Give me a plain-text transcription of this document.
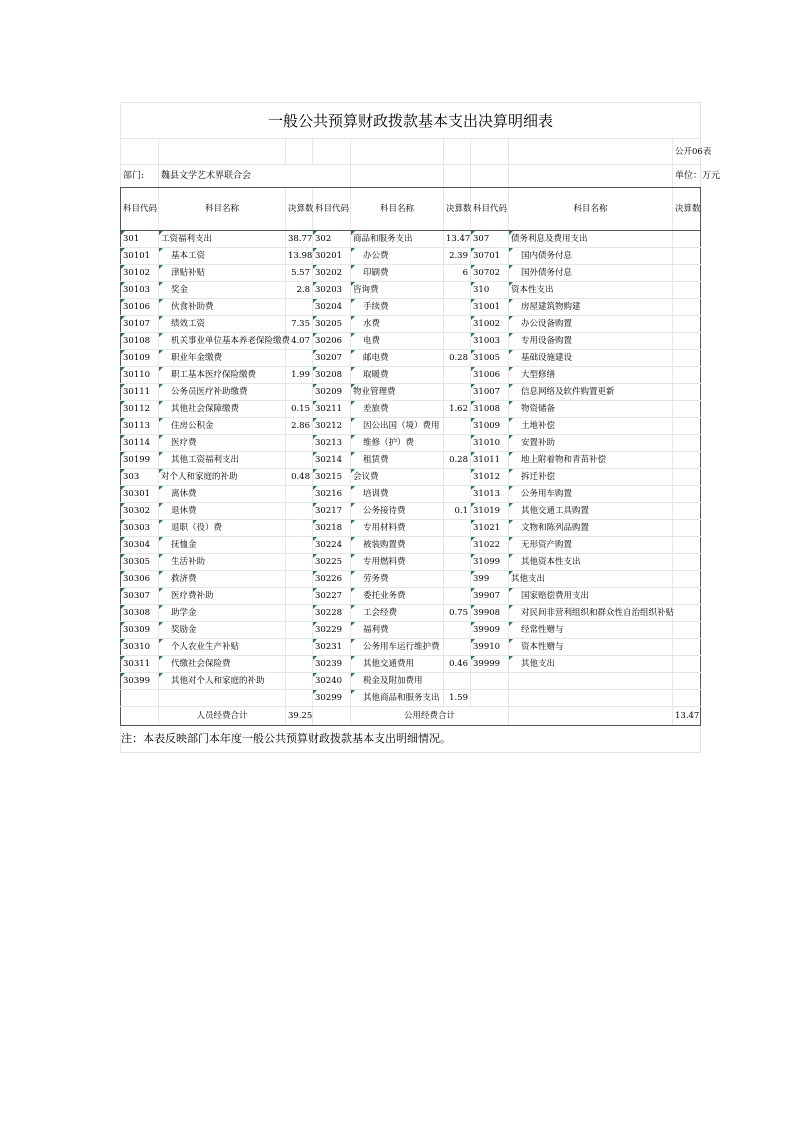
一般公共预算财政拨款基本支出决算明细表								
								公开06表
部门:	魏县文学艺术界联合会							单位：万元
科目代码	科目名称	决算数	科目代码	科目名称	决算数	科目代码	科目名称	决算数
301	工资福利支出	38.77	302	商品和服务支出	13.47	307	债务利息及费用支出	
30101	基本工资	13.98	30201	办公费	2.39	30701	国内债务付息	
30102	津贴补贴	5.57	30202	印刷费	6	30702	国外债务付息	
30103	奖金	2.8	30203	咨询费		310	资本性支出	
30106	伙食补助费		30204	手续费		31001	房屋建筑物购建	
30107	绩效工资	7.35	30205	水费		31002	办公设备购置	
30108	机关事业单位基本养老保险缴费	4.07	30206	电费		31003	专用设备购置	
30109	职业年金缴费		30207	邮电费	0.28	31005	基础设施建设	
30110	职工基本医疗保险缴费	1.99	30208	取暖费		31006	大型修缮	
30111	公务员医疗补助缴费		30209	物业管理费		31007	信息网络及软件购置更新	
30112	其他社会保障缴费	0.15	30211	差旅费	1.62	31008	物资储备	
30113	住房公积金	2.86	30212	因公出国（境）费用		31009	土地补偿	
30114	医疗费		30213	维修（护）费		31010	安置补助	
30199	其他工资福利支出		30214	租赁费	0.28	31011	地上附着物和青苗补偿	
303	对个人和家庭的补助	0.48	30215	会议费		31012	拆迁补偿	
30301	离休费		30216	培训费		31013	公务用车购置	
30302	退休费		30217	公务接待费	0.1	31019	其他交通工具购置	
30303	退职（役）费		30218	专用材料费		31021	文物和陈列品购置	
30304	抚恤金		30224	被装购置费		31022	无形资产购置	
30305	生活补助		30225	专用燃料费		31099	其他资本性支出	
30306	救济费		30226	劳务费		399	其他支出	
30307	医疗费补助		30227	委托业务费		39907	国家赔偿费用支出	
30308	助学金		30228	工会经费	0.75	39908	对民间非营利组织和群众性自治组织补贴	
30309	奖励金		30229	福利费		39909	经常性赠与	
30310	个人农业生产补贴		30231	公务用车运行维护费		39910	资本性赠与	
30311	代缴社会保险费		30239	其他交通费用	0.46	39999	其他支出	
30399	其他对个人和家庭的补助		30240	税金及附加费用				
			30299	其他商品和服务支出	1.59			
	人员经费合计	39.25		公用经费合计				13.47
注：本表反映部门本年度一般公共预算财政拨款基本支出明细情况。								
